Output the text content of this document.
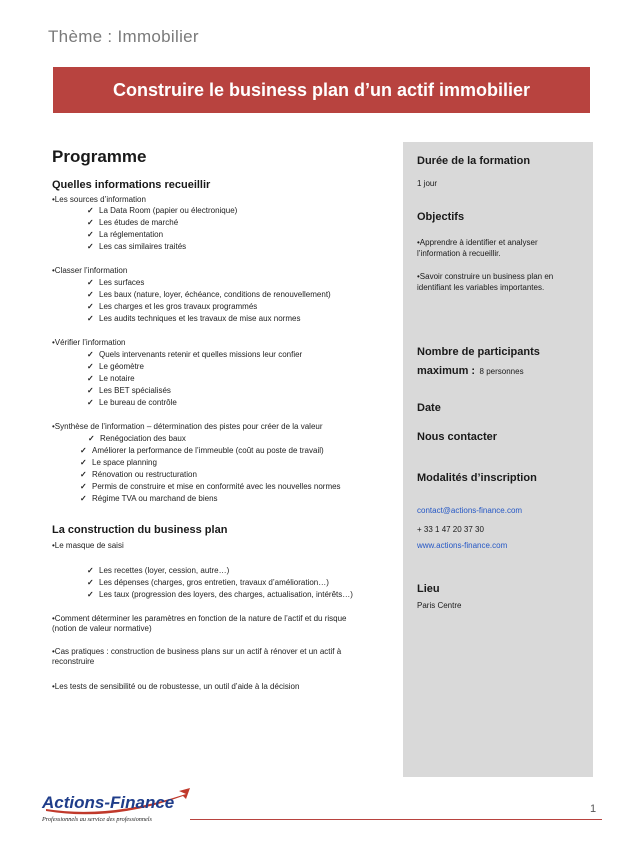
Thème : Immobilier
Construire le business plan d’un actif immobilier
Programme
Quelles informations recueillir
•Les sources d’information
✓ La Data Room (papier ou électronique)
✓ Les études de marché
✓ La réglementation
✓ Les cas similaires traités
•Classer l’information
✓ Les surfaces
✓ Les baux (nature, loyer, échéance, conditions de renouvellement)
✓ Les charges et les gros travaux programmés
✓ Les audits techniques et les travaux de mise aux normes
•Vérifier l’information
✓ Quels intervenants retenir et quelles missions leur confier
✓ Le géomètre
✓ Le notaire
✓ Les BET spécialisés
✓ Le bureau de contrôle
•Synthèse de l’information – détermination des pistes pour créer de la valeur
✓ Renégociation des baux
✓ Améliorer la performance de l’immeuble (coût au poste de travail)
✓ Le space planning
✓ Rénovation ou restructuration
✓ Permis de construire et mise en conformité avec les nouvelles normes
✓ Régime TVA ou marchand de biens
La construction du business plan
•Le masque de saisi
✓ Les recettes (loyer, cession, autre…)
✓ Les dépenses (charges, gros entretien, travaux d’amélioration…)
✓ Les taux (progression des loyers, des charges, actualisation, intérêts…)
•Comment déterminer les paramètres en fonction de la nature de l’actif et du risque
(notion de valeur normative)
•Cas pratiques : construction de business plans sur un actif à rénover et un actif à
reconstruire
•Les tests de sensibilité ou de robustesse, un outil d’aide à la décision
Durée de la formation
1 jour
Objectifs
•Apprendre à identifier et analyser
l’information à recueillir.
•Savoir construire un business plan en
identifiant les variables importantes.
Nombre de participants
maximum : 8 personnes
Date
Nous contacter
Modalités d’inscription
contact@actions-finance.com
+ 33 1 47 20 37 30
www.actions-finance.com
Lieu
Paris Centre
Actions-Finance
Professionnels au service des professionnels
1
